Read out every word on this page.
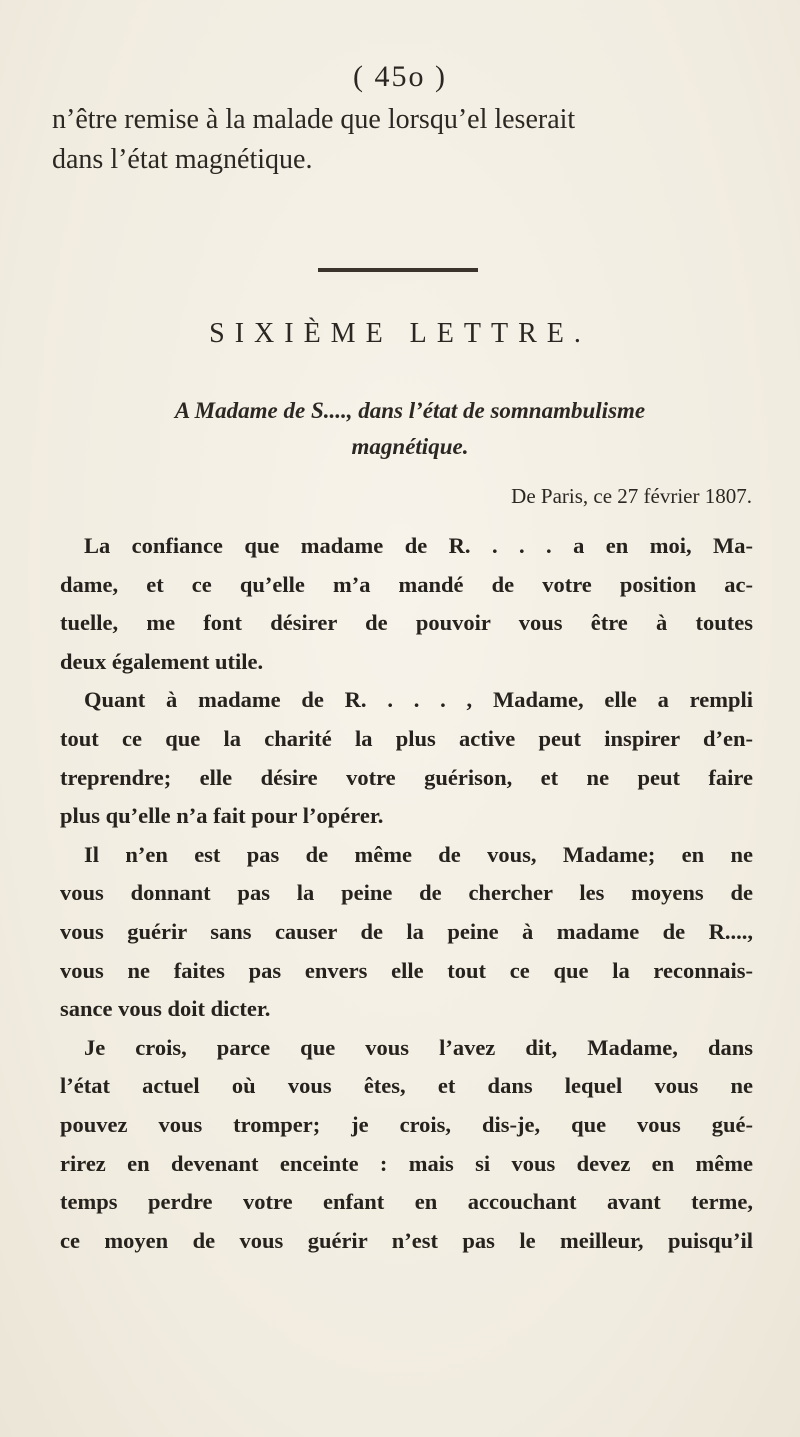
( 45o )

n’être remise à la malade que lorsqu’el leserait

dans l’état magnétique.

SIXIÈME LETTRE.

A Madame de S...., dans l’état de somnambulisme

magnétique.

De Paris, ce 27 février 1807.
La confiance que madame de R. . . . a en moi, Ma-
dame, et ce qu’elle m’a mandé de votre position ac-
tuelle, me font désirer de pouvoir vous être à toutes
deux également utile.
Quant à madame de R. . . . , Madame, elle a rempli
tout ce que la charité la plus active peut inspirer d’en-
treprendre; elle désire votre guérison, et ne peut faire
plus qu’elle n’a fait pour l’opérer.
Il n’en est pas de même de vous, Madame; en ne
vous donnant pas la peine de chercher les moyens de
vous guérir sans causer de la peine à madame de R....,
vous ne faites pas envers elle tout ce que la reconnais-
sance vous doit dicter.
Je crois, parce que vous l’avez dit, Madame, dans
l’état actuel où vous êtes, et dans lequel vous ne
pouvez vous tromper; je crois, dis-je, que vous gué-
rirez en devenant enceinte : mais si vous devez en même
temps perdre votre enfant en accouchant avant terme,
ce moyen de vous guérir n’est pas le meilleur, puisqu’il
